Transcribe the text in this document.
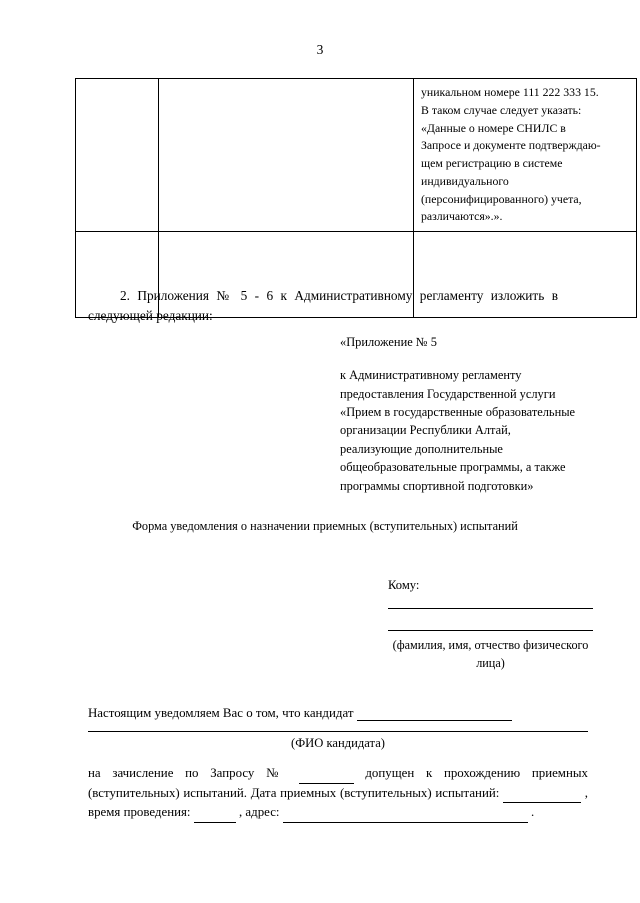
3

уникальном номере 111 222 333 15.

В таком случае следует указать:

«Данные о номере СНИЛС в

Запросе и документе подтверждаю-

щем регистрацию в системе

индивидуального

(персонифицированного) учета,

различаются».».

2. Приложения № 5 - 6 к Административному регламенту изложить в следующей редакции:

«Приложение № 5

к Административному регламенту

предоставления Государственной услуги

«Прием в государственные образовательные

организации Республики Алтай,

реализующие дополнительные

общеобразовательные программы, а также

программы спортивной подготовки»

Форма уведомления о назначении приемных (вступительных) испытаний
Кому:
(фамилия, имя, отчество физического лица)
Настоящим уведомляем Вас о том, что кандидат
(ФИО кандидата)
на зачисление по Запросу №	допущен к прохождению приемных (вступительных) испытаний. Дата приемных (вступительных) испытаний:	, время проведения:	, адрес:	.
